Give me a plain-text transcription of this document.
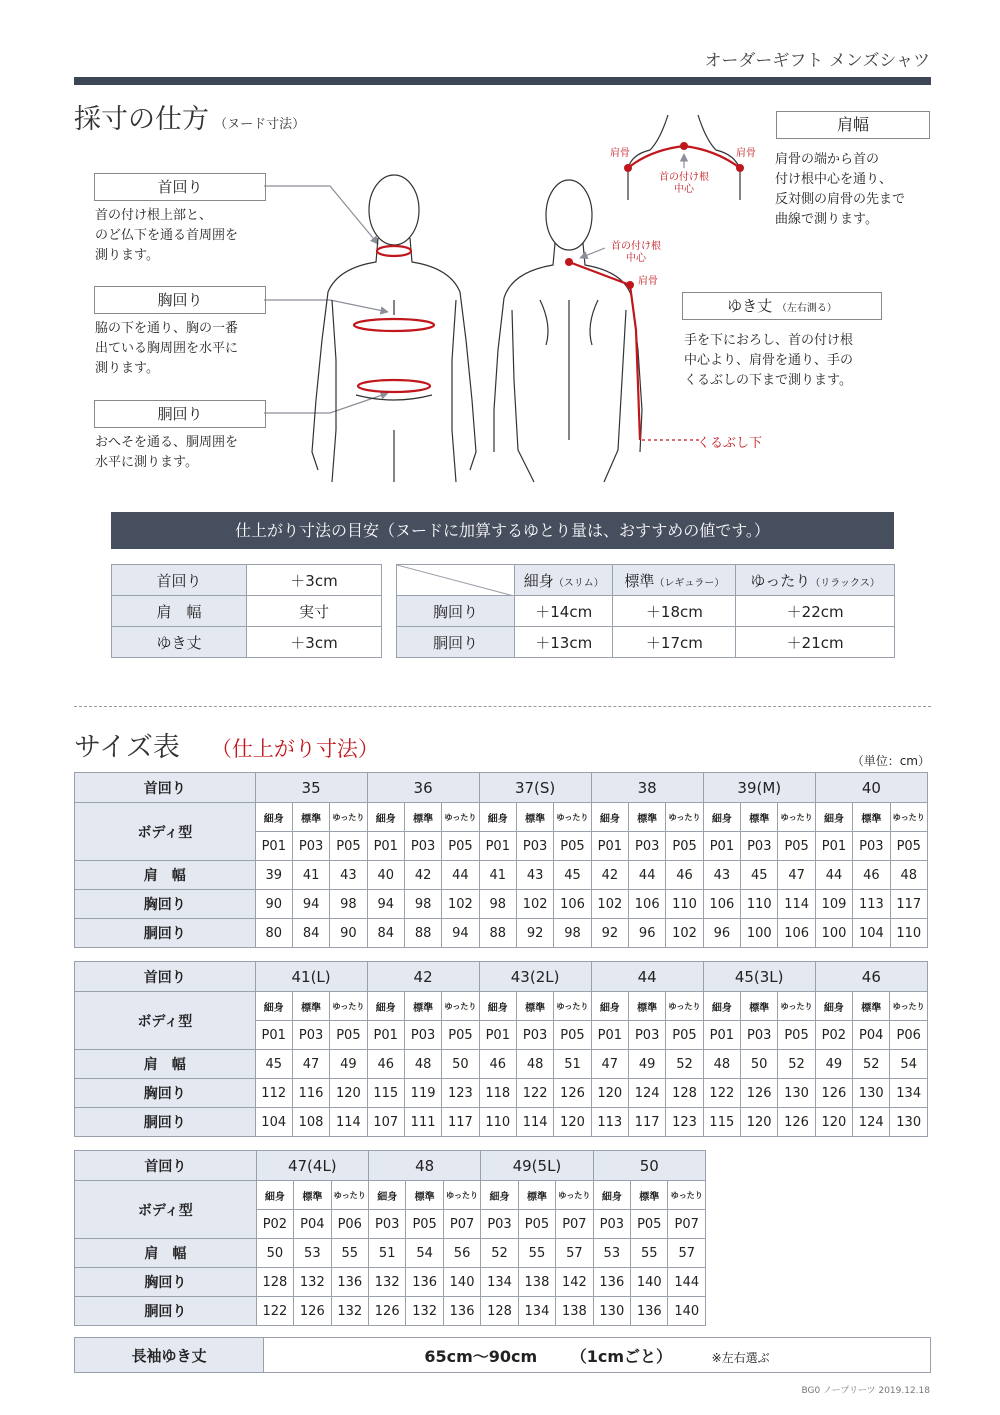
オーダーギフト メンズシャツ
採寸の仕方 （ヌード寸法）
首回り
首の付け根上部と、
のど仏下を通る首周囲を
測ります。
胸回り
脇の下を通り、胸の一番
出ている胸周囲を水平に
測ります。
胴回り
おへそを通る、胴周囲を
水平に測ります。
肩幅
肩骨の端から首の
付け根中心を通り、
反対側の肩骨の先まで
曲線で測ります。
ゆき丈 （左右測る）
手を下におろし、首の付け根
中心より、肩骨を通り、手の
くるぶしの下まで測ります。
肩骨	肩骨
首の付け根
中心
首の付け根
中心
肩骨
くるぶし下
仕上がり寸法の目安（ヌードに加算するゆとり量は、おすすめの値です。）
首回り	＋3cm
肩　幅	実寸
ゆき丈	＋3cm
	細身（スリム）	標準（レギュラー）	ゆったり（リラックス）
胸回り	＋14cm	＋18cm	＋22cm
胴回り	＋13cm	＋17cm	＋21cm
サイズ表 （仕上がり寸法）	（単位：cm）
首回り	35			36			37(S)			38			39(M)			40		
ボディ型	細身	標準	ゆったり	細身	標準	ゆったり	細身	標準	ゆったり	細身	標準	ゆったり	細身	標準	ゆったり	細身	標準	ゆったり
	P01	P03	P05	P01	P03	P05	P01	P03	P05	P01	P03	P05	P01	P03	P05	P01	P03	P05
肩　幅	39	41	43	40	42	44	41	43	45	42	44	46	43	45	47	44	46	48
胸回り	90	94	98	94	98	102	98	102	106	102	106	110	106	110	114	109	113	117
胴回り	80	84	90	84	88	94	88	92	98	92	96	102	96	100	106	100	104	110
首回り	41(L)			42			43(2L)			44			45(3L)			46		
ボディ型	細身	標準	ゆったり	細身	標準	ゆったり	細身	標準	ゆったり	細身	標準	ゆったり	細身	標準	ゆったり	細身	標準	ゆったり
	P01	P03	P05	P01	P03	P05	P01	P03	P05	P01	P03	P05	P01	P03	P05	P02	P04	P06
肩　幅	45	47	49	46	48	50	46	48	51	47	49	52	48	50	52	49	52	54
胸回り	112	116	120	115	119	123	118	122	126	120	124	128	122	126	130	126	130	134
胴回り	104	108	114	107	111	117	110	114	120	113	117	123	115	120	126	120	124	130
首回り	47(4L)			48			49(5L)			50		
ボディ型	細身	標準	ゆったり	細身	標準	ゆったり	細身	標準	ゆったり	細身	標準	ゆったり
	P02	P04	P06	P03	P05	P07	P03	P05	P07	P03	P05	P07
肩　幅	50	53	55	51	54	56	52	55	57	53	55	57
胸回り	128	132	136	132	136	140	134	138	142	136	140	144
胴回り	122	126	132	126	132	136	128	134	138	130	136	140
長袖ゆき丈	65cm〜90cm （1cmごと）	※左右選ぶ
BG0 ノープリーツ 2019.12.18
